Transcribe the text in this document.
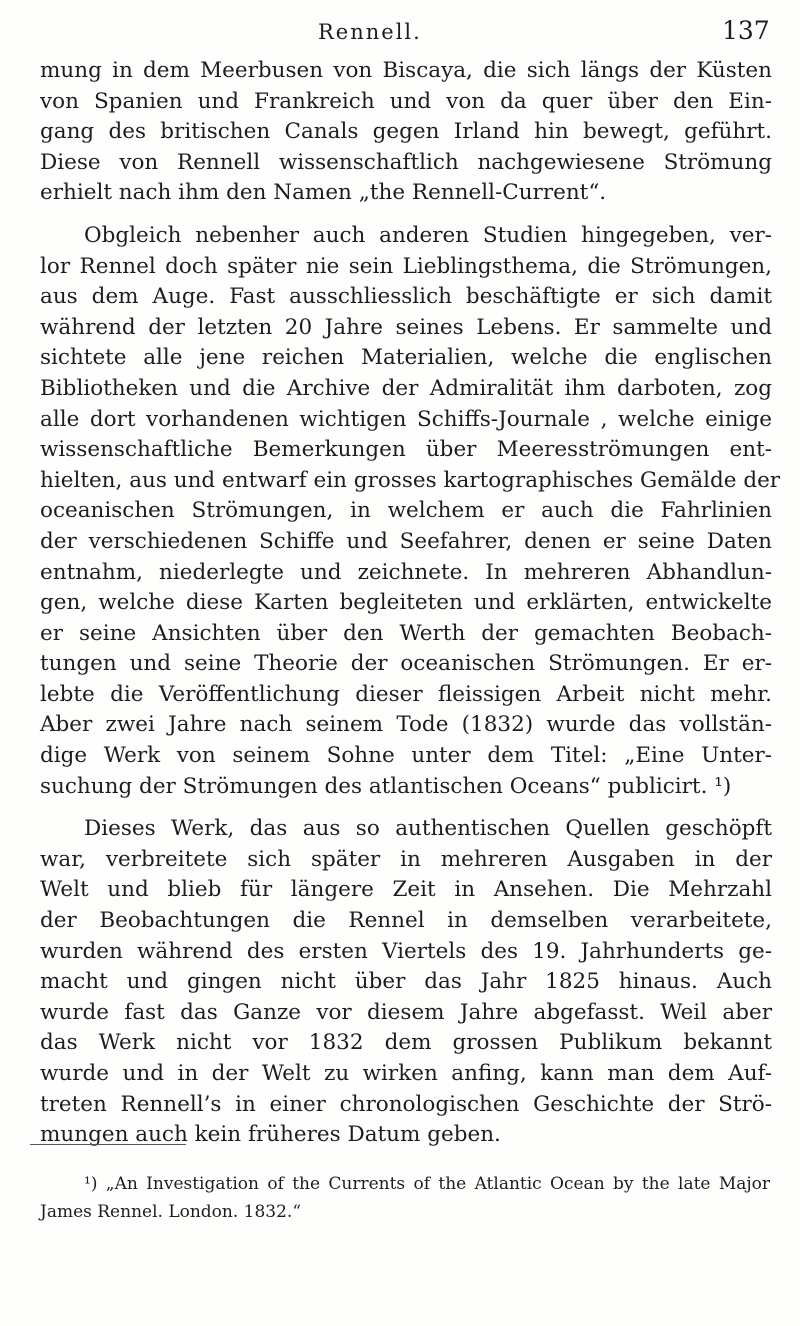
Rennell.	137
mung in dem Meerbusen von Biscaya, die sich längs der Küsten
von Spanien und Frankreich und von da quer über den Ein-
gang des britischen Canals gegen Irland hin bewegt, geführt.
Diese von Rennell wissenschaftlich nachgewiesene Strömung
erhielt nach ihm den Namen „the Rennell-Current“.
Obgleich nebenher auch anderen Studien hingegeben, ver-
lor Rennel doch später nie sein Lieblingsthema, die Strömungen,
aus dem Auge. Fast ausschliesslich beschäftigte er sich damit
während der letzten 20 Jahre seines Lebens. Er sammelte und
sichtete alle jene reichen Materialien, welche die englischen
Bibliotheken und die Archive der Admiralität ihm darboten, zog
alle dort vorhandenen wichtigen Schiffs-Journale , welche einige
wissenschaftliche Bemerkungen über Meeresströmungen ent-
hielten, aus und entwarf ein grosses kartographisches Gemälde der
oceanischen Strömungen, in welchem er auch die Fahrlinien
der verschiedenen Schiffe und Seefahrer, denen er seine Daten
entnahm, niederlegte und zeichnete. In mehreren Abhandlun-
gen, welche diese Karten begleiteten und erklärten, entwickelte
er seine Ansichten über den Werth der gemachten Beobach-
tungen und seine Theorie der oceanischen Strömungen. Er er-
lebte die Veröffentlichung dieser fleissigen Arbeit nicht mehr.
Aber zwei Jahre nach seinem Tode (1832) wurde das vollstän-
dige Werk von seinem Sohne unter dem Titel: „Eine Unter-
suchung der Strömungen des atlantischen Oceans“ publicirt. ¹)
Dieses Werk, das aus so authentischen Quellen geschöpft
war, verbreitete sich später in mehreren Ausgaben in der
Welt und blieb für längere Zeit in Ansehen. Die Mehrzahl
der Beobachtungen die Rennel in demselben verarbeitete,
wurden während des ersten Viertels des 19. Jahrhunderts ge-
macht und gingen nicht über das Jahr 1825 hinaus. Auch
wurde fast das Ganze vor diesem Jahre abgefasst. Weil aber
das Werk nicht vor 1832 dem grossen Publikum bekannt
wurde und in der Welt zu wirken anfing, kann man dem Auf-
treten Rennell’s in einer chronologischen Geschichte der Strö-
mungen auch kein früheres Datum geben.
¹) „An Investigation of the Currents of the Atlantic Ocean by the late Major
James Rennel. London. 1832.“
